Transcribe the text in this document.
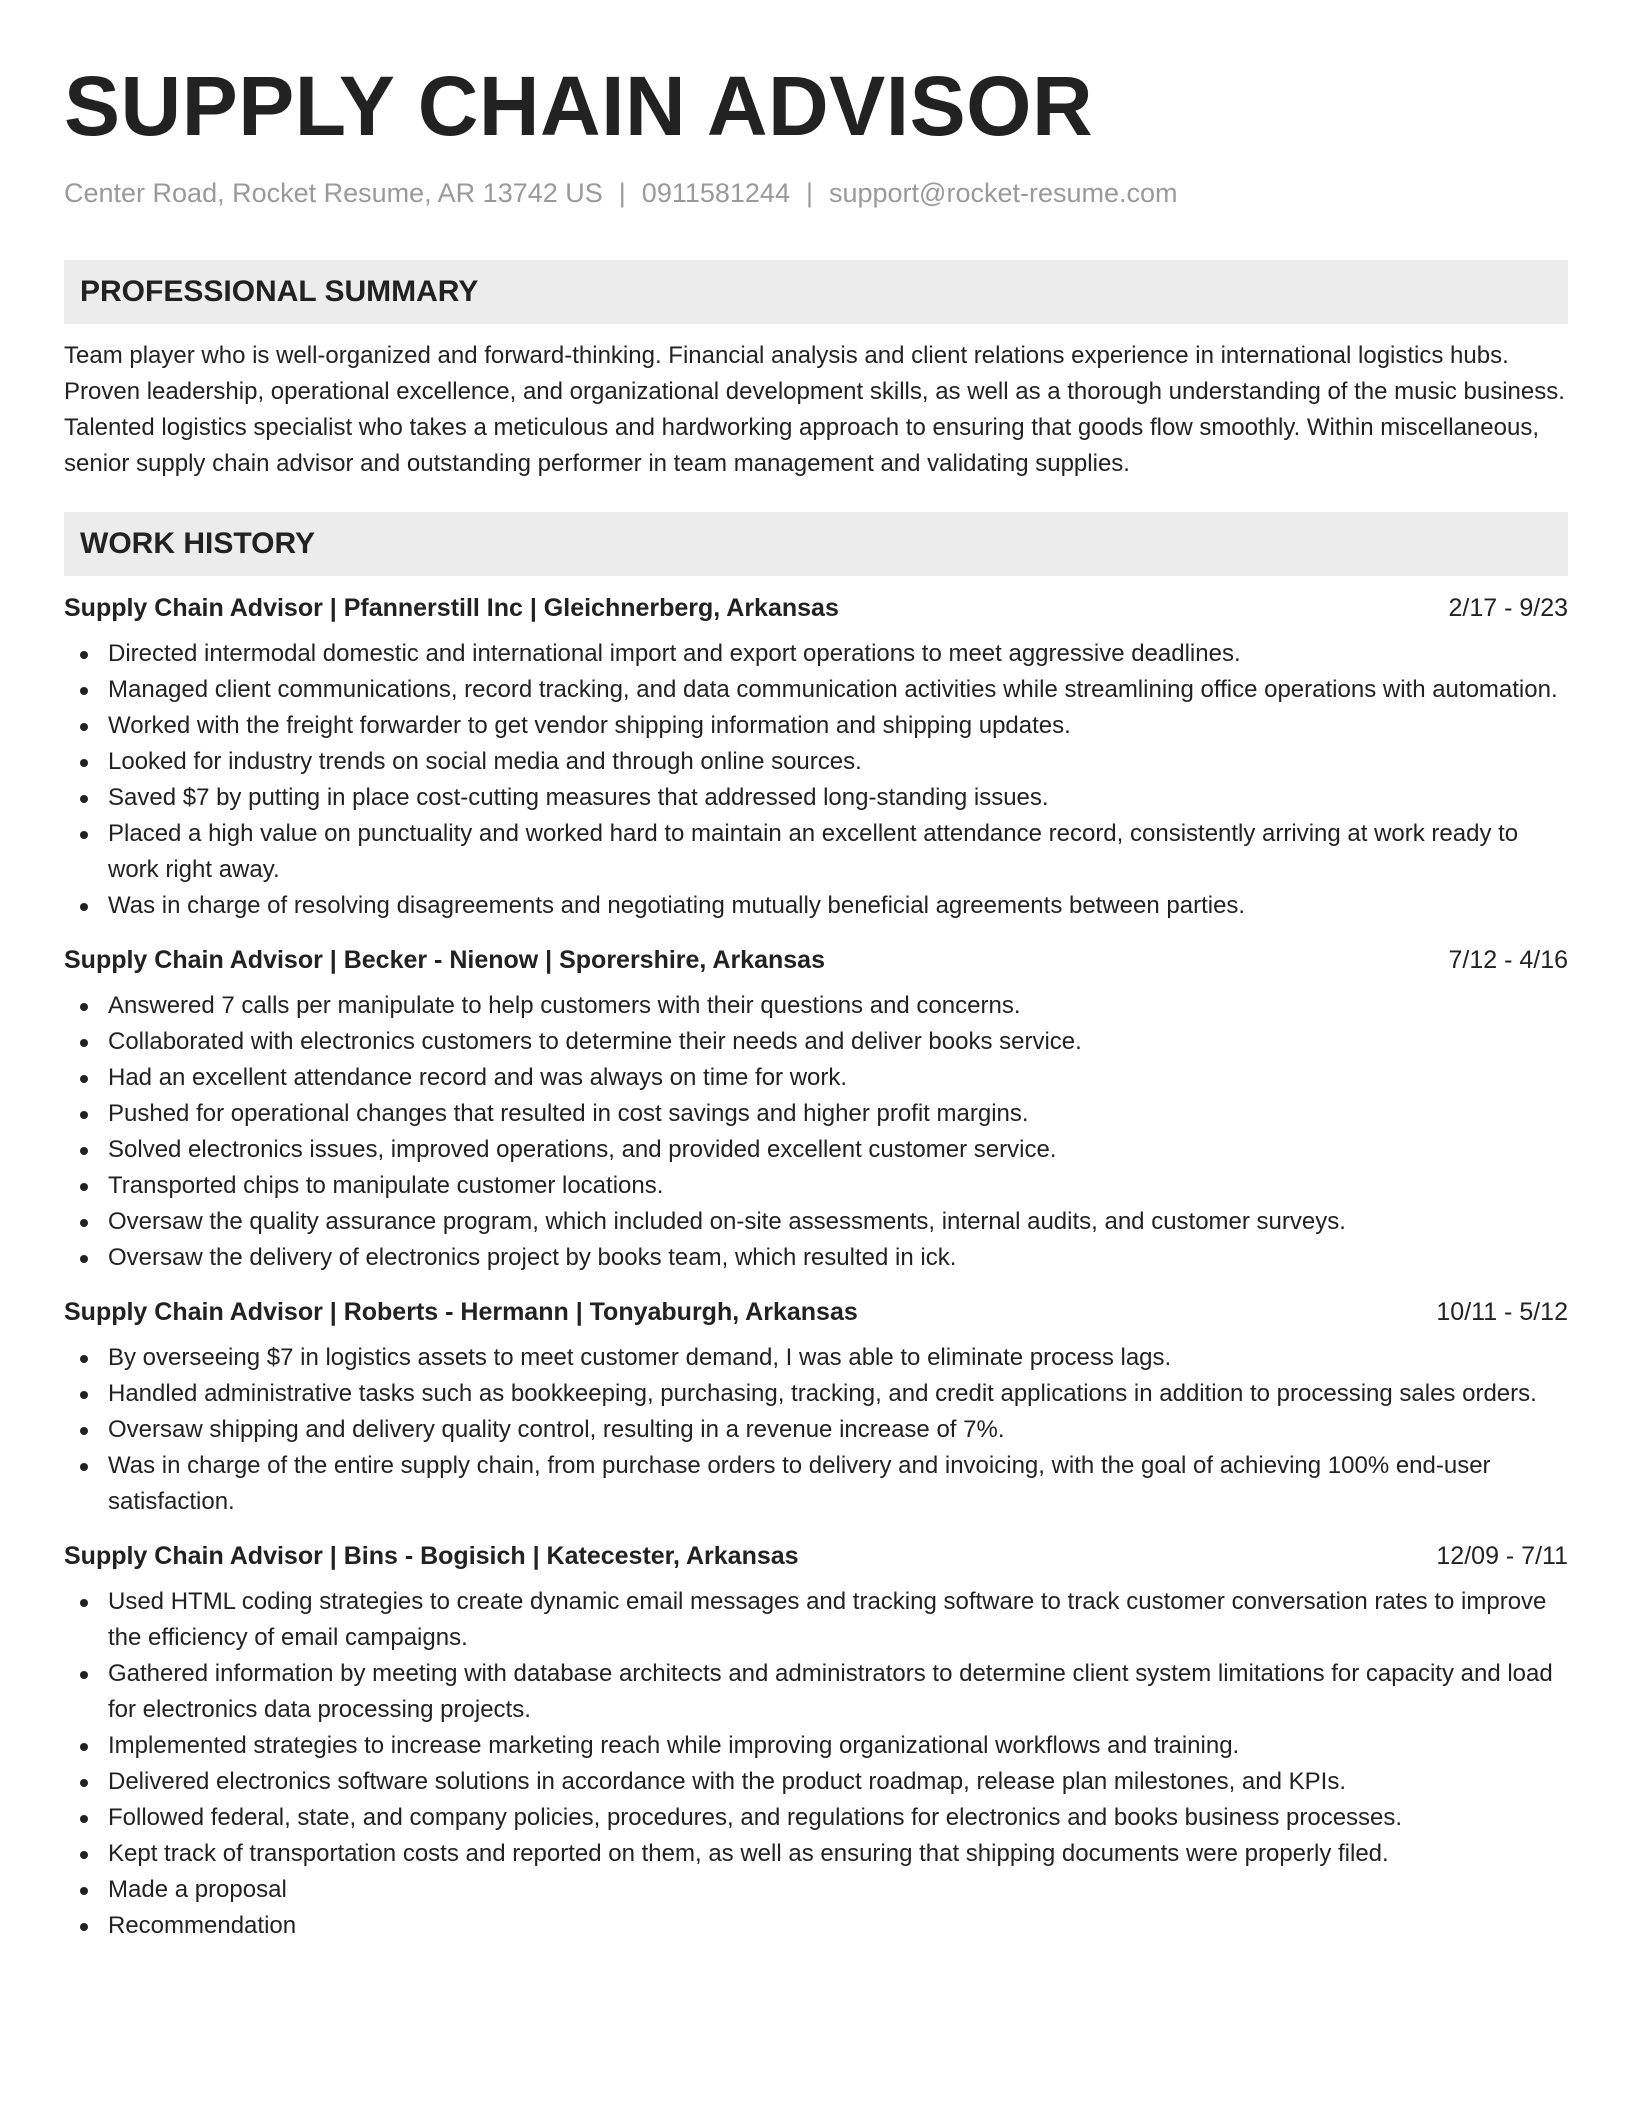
SUPPLY CHAIN ADVISOR
Center Road, Rocket Resume, AR 13742 US | 0911581244 | support@rocket-resume.com
PROFESSIONAL SUMMARY

Team player who is well-organized and forward-thinking. Financial analysis and client relations experience in international logistics hubs. Proven leadership, operational excellence, and organizational development skills, as well as a thorough understanding of the music business. Talented logistics specialist who takes a meticulous and hardworking approach to ensuring that goods flow smoothly. Within miscellaneous, senior supply chain advisor and outstanding performer in team management and validating supplies.

WORK HISTORY
Supply Chain Advisor | Pfannerstill Inc | Gleichnerberg, Arkansas	2/17 - 9/23
Directed intermodal domestic and international import and export operations to meet aggressive deadlines.
Managed client communications, record tracking, and data communication activities while streamlining office operations with automation.
Worked with the freight forwarder to get vendor shipping information and shipping updates.
Looked for industry trends on social media and through online sources.
Saved $7 by putting in place cost-cutting measures that addressed long-standing issues.
Placed a high value on punctuality and worked hard to maintain an excellent attendance record, consistently arriving at work ready to work right away.
Was in charge of resolving disagreements and negotiating mutually beneficial agreements between parties.
Supply Chain Advisor | Becker - Nienow | Sporershire, Arkansas	7/12 - 4/16
Answered 7 calls per manipulate to help customers with their questions and concerns.
Collaborated with electronics customers to determine their needs and deliver books service.
Had an excellent attendance record and was always on time for work.
Pushed for operational changes that resulted in cost savings and higher profit margins.
Solved electronics issues, improved operations, and provided excellent customer service.
Transported chips to manipulate customer locations.
Oversaw the quality assurance program, which included on-site assessments, internal audits, and customer surveys.
Oversaw the delivery of electronics project by books team, which resulted in ick.
Supply Chain Advisor | Roberts - Hermann | Tonyaburgh, Arkansas	10/11 - 5/12
By overseeing $7 in logistics assets to meet customer demand, I was able to eliminate process lags.
Handled administrative tasks such as bookkeeping, purchasing, tracking, and credit applications in addition to processing sales orders.
Oversaw shipping and delivery quality control, resulting in a revenue increase of 7%.
Was in charge of the entire supply chain, from purchase orders to delivery and invoicing, with the goal of achieving 100% end-user satisfaction.
Supply Chain Advisor | Bins - Bogisich | Katecester, Arkansas	12/09 - 7/11
Used HTML coding strategies to create dynamic email messages and tracking software to track customer conversation rates to improve the efficiency of email campaigns.
Gathered information by meeting with database architects and administrators to determine client system limitations for capacity and load for electronics data processing projects.
Implemented strategies to increase marketing reach while improving organizational workflows and training.
Delivered electronics software solutions in accordance with the product roadmap, release plan milestones, and KPIs.
Followed federal, state, and company policies, procedures, and regulations for electronics and books business processes.
Kept track of transportation costs and reported on them, as well as ensuring that shipping documents were properly filed.
Made a proposal
Recommendation
